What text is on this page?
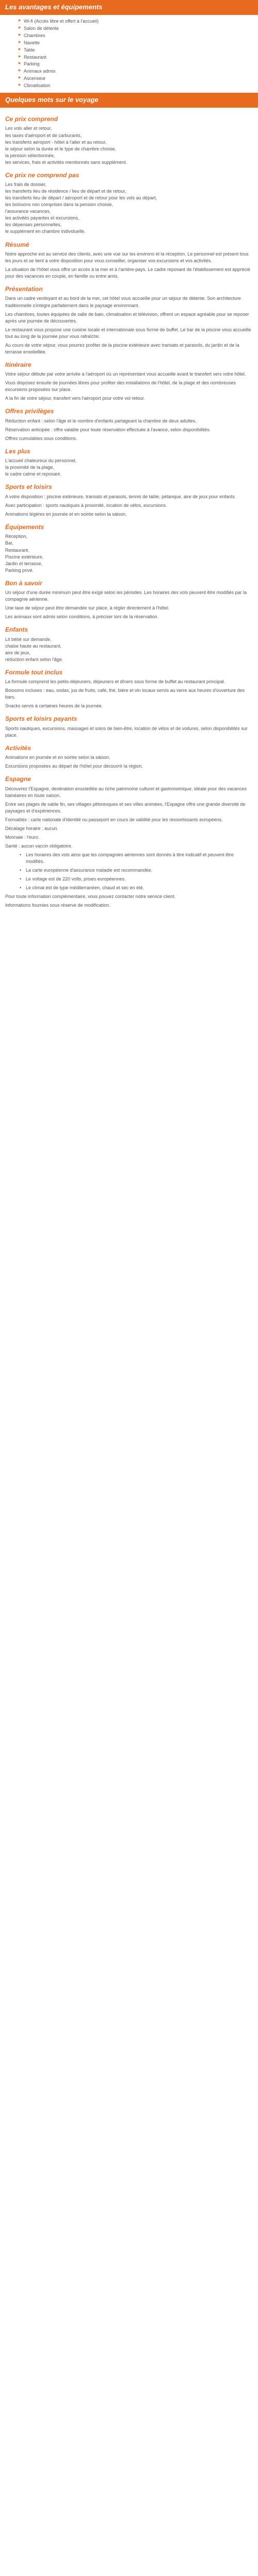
Les avantages et équipements
▶ Wi-fi (Accès libre et offert à l'accueil)
▶ Salon de détente
▶ Chambres
▶ Navette
▶ Table
▶ Restaurant
▶ Parking
▶ Animaux admis
▶ Ascenseur
▶ Climatisation
Quelques mots sur le voyage
Ce prix comprend

Les vols aller et retour,

les taxes d'aéroport et de carburants,

les transferts aéroport - hôtel à l'aller et au retour,

le séjour selon la durée et le type de chambre choisie,

la pension sélectionnée,

les services, frais et activités mentionnés sans supplément.

Ce prix ne comprend pas

Les frais de dossier,

les transferts lieu de résidence / lieu de départ et de retour,

les transferts lieu de départ / aéroport et de retour pour les vols au départ,

les boissons non comprises dans la pension choisie,

l'assurance vacances,

les activités payantes et excursions,

les dépenses personnelles,

le supplément en chambre individuelle.

Résumé

Notre approche est au service des clients, avec une vue sur les environs et la réception. Le personnel est présent tous les jours et se tient à votre disposition pour vous conseiller, organiser vos excursions et vos activités.

La situation de l'hôtel vous offre un accès à la mer et à l'arrière-pays. Le cadre reposant de l'établissement est apprécié pour des vacances en couple, en famille ou entre amis.

Présentation

Dans un cadre verdoyant et au bord de la mer, cet hôtel vous accueille pour un séjour de détente. Son architecture traditionnelle s'intègre parfaitement dans le paysage environnant.

Les chambres, toutes équipées de salle de bain, climatisation et télévision, offrent un espace agréable pour se reposer après une journée de découvertes.

Le restaurant vous propose une cuisine locale et internationale sous forme de buffet. Le bar de la piscine vous accueille tout au long de la journée pour vous rafraîchir.

Au cours de votre séjour, vous pourrez profiter de la piscine extérieure avec transats et parasols, du jardin et de la terrasse ensoleillée.

Itinéraire

Votre séjour débute par votre arrivée à l'aéroport où un représentant vous accueille avant le transfert vers votre hôtel.

Vous disposez ensuite de journées libres pour profiter des installations de l'hôtel, de la plage et des nombreuses excursions proposées sur place.

A la fin de votre séjour, transfert vers l'aéroport pour votre vol retour.

Offres privilèges

Réduction enfant : selon l'âge et le nombre d'enfants partageant la chambre de deux adultes.

Réservation anticipée : offre valable pour toute réservation effectuée à l'avance, selon disponibilités.

Offres cumulables sous conditions.

Les plus

L'accueil chaleureux du personnel,

la proximité de la plage,

le cadre calme et reposant.

Sports et loisirs

A votre disposition : piscine extérieure, transats et parasols, tennis de table, pétanque, aire de jeux pour enfants.

Avec participation : sports nautiques à proximité, location de vélos, excursions.

Animations légères en journée et en soirée selon la saison.

Équipements

Réception,

Bar,

Restaurant,

Piscine extérieure,

Jardin et terrasse,

Parking privé.

Bon à savoir

Un séjour d'une durée minimum peut être exigé selon les périodes. Les horaires des vols peuvent être modifiés par la compagnie aérienne.

Une taxe de séjour peut être demandée sur place, à régler directement à l'hôtel.

Les animaux sont admis selon conditions, à préciser lors de la réservation.

Enfants

Lit bébé sur demande,

chaise haute au restaurant,

aire de jeux,

réduction enfant selon l'âge.

Formule tout inclus

La formule comprend les petits-déjeuners, déjeuners et dîners sous forme de buffet au restaurant principal.

Boissons incluses : eau, sodas, jus de fruits, café, thé, bière et vin locaux servis au verre aux heures d'ouverture des bars.

Snacks servis à certaines heures de la journée.

Sports et loisirs payants

Sports nautiques, excursions, massages et soins de bien-être, location de vélos et de voitures, selon disponibilités sur place.

Activités

Animations en journée et en soirée selon la saison.

Excursions proposées au départ de l'hôtel pour découvrir la région.

Espagne

Découvrez l'Espagne, destination ensoleillée au riche patrimoine culturel et gastronomique, idéale pour des vacances balnéaires en toute saison.

Entre ses plages de sable fin, ses villages pittoresques et ses villes animées, l'Espagne offre une grande diversité de paysages et d'expériences.

Formalités : carte nationale d'identité ou passeport en cours de validité pour les ressortissants européens.

Décalage horaire : aucun.

Monnaie : l'euro.

Santé : aucun vaccin obligatoire.

• Les horaires des vols ainsi que les compagnies aériennes sont donnés à titre indicatif et peuvent être modifiés.
• La carte européenne d'assurance maladie est recommandée.
• Le voltage est de 220 volts, prises européennes.
• Le climat est de type méditerranéen, chaud et sec en été.

Pour toute information complémentaire, vous pouvez contacter notre service client.

Informations fournies sous réserve de modification.
